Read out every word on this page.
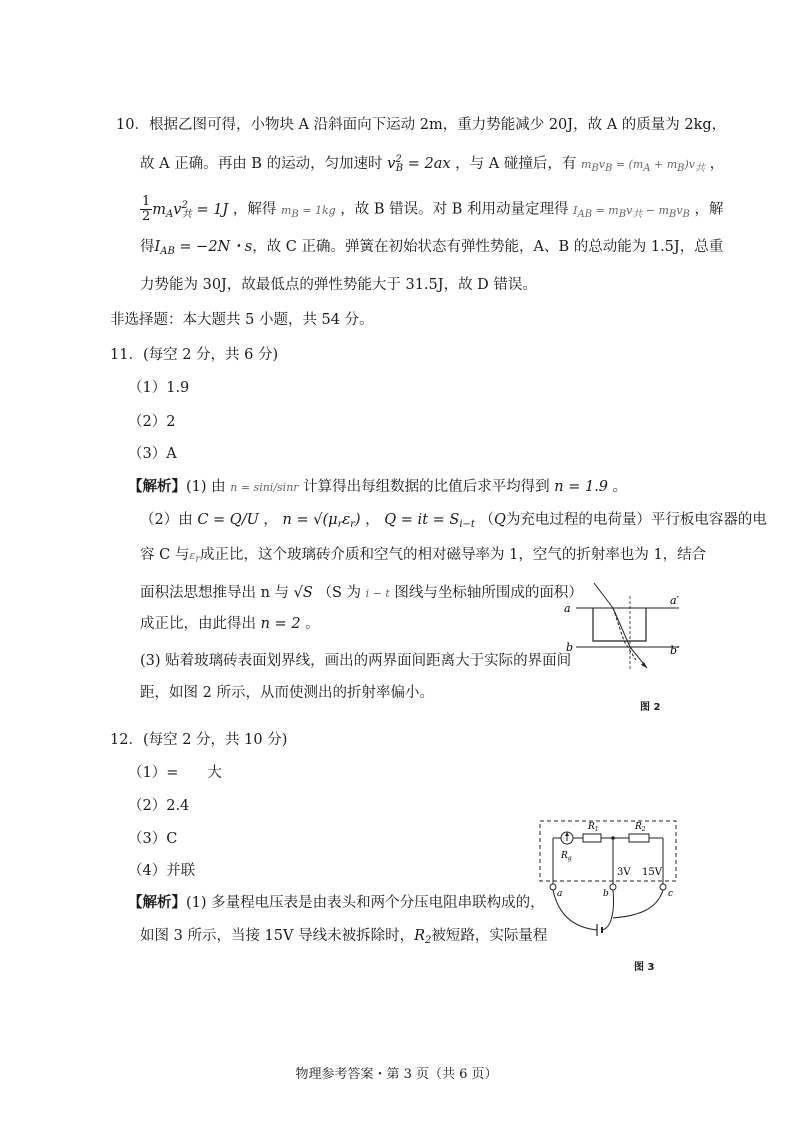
10．根据乙图可得，小物块 A 沿斜面向下运动 2m，重力势能减少 20J，故 A 的质量为 2kg，
故 A 正确。再由 B 的运动，匀加速时 $v^2_B = 2ax$ ，与 A 碰撞后，有 mBvB = (mA + mB)v共 ，
$\frac{1}{2} m_Av^2_共 = 1J$ ，解得 mB = 1kg ，故 B 错误。对 B 利用动量定理得 IAB = mBv共 − mBvB ，解
得$I_{AB} = -2N$・s，故 C 正确。弹簧在初始状态有弹性势能，A、B 的总动能为 1.5J，总重
力势能为 30J，故最低点的弹性势能大于 31.5J，故 D 错误。
非选择题：本大题共 5 小题，共 54 分。
11．(每空 2 分，共 6 分)
（1）1.9
（2）2
（3）A
【解析】(1) 由 n = sini/sinr 计算得出每组数据的比值后求平均得到 n = 1.9 。
（2）由 C = Q/U ， $n = √(\mu_r\varepsilon_r)$ ， Q = it = $S_{i-t}$ （Q为充电过程的电荷量）平行板电容器的电
容 C 与εr成正比，这个玻璃砖介质和空气的相对磁导率为 1，空气的折射率也为 1，结合
面积法思想推导出 n 与 √S （S 为 i − t 图线与坐标轴所围成的面积）
成正比，由此得出 n = 2 。
(3) 贴着玻璃砖表面划界线，画出的两界面间距离大于实际的界面间
距，如图 2 所示，从而使测出的折射率偏小。
a
a′
b	b′
图 2
12．(每空 2 分，共 10 分)
（1）=　　大
（2）2.4
（3）C
（4）并联
【解析】(1) 多量程电压表是由表头和两个分压电阻串联构成的，
如图 3 所示，当接 15V 导线未被拆除时，$R_2$被短路，实际量程
$R_g$
$R_1$	$R_2$
3V 15V
a	b	c
图 3
物理参考答案・第 3 页（共 6 页）
